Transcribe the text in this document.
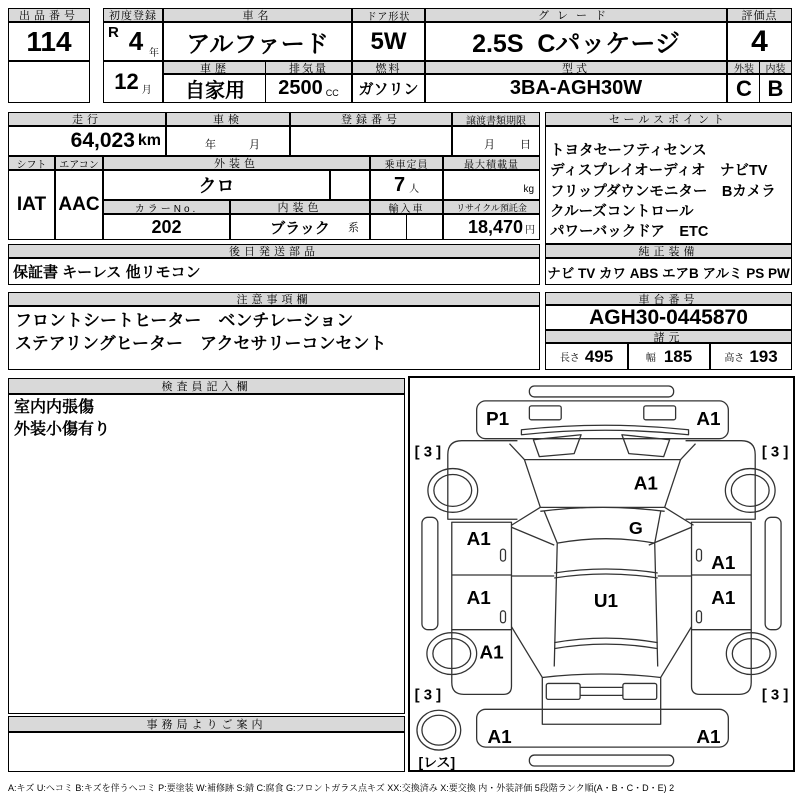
出品番号
114
初度登録
R 4 年
12 月
車名
アルファード
車歴
自家用
排気量
2500 CC
ドア形状
5W
燃料
ガソリン
グレード
2.5S  Cパッケージ
型式
3BA-AGH30W
評価点
4
外装	内装
C B
走行
64,023 km
車検
年	月
登録番号	譲渡書類期限
月 日
シフト	エアコン
IAT AAC
外装色
クロ
乗車定員
7 人
最大積載量
kg
カラーNo.
202
内装色
ブラック 系
輸入車	リサイクル預託金
18,470 円
後日発送部品
保証書 キーレス 他リモコン
注意事項欄
フロントシートヒーター　ベンチレーション
ステアリングヒーター　アクセサリーコンセント
セールスポイント
トヨタセーフティセンス
ディスプレイオーディオ　ナビTV
フリップダウンモニター　Bカメラ
クルーズコントロール
パワーバックドア　ETC
純正装備
ナビ TV カワ ABS エアB アルミ PS PW
車台番号
AGH30-0445870
諸元
長さ 495	幅 185	高さ 193
検査員記入欄
室内内張傷
外装小傷有り
事務局よりご案内
P1	A1
A1
G
A1
A1
A1
A1
U1
A1
A1	A1
[ 3 ]	[ 3 ]
[ 3 ]	[ 3 ]
[レス]
A:キズ U:ヘコミ B:キズを伴うヘコミ P:要塗装 W:補修跡 S:錆 C:腐食 G:フロントガラス点キズ XX:交換済み X:要交換 内・外装評価 5段階ランク順(A・B・C・D・E) 2
